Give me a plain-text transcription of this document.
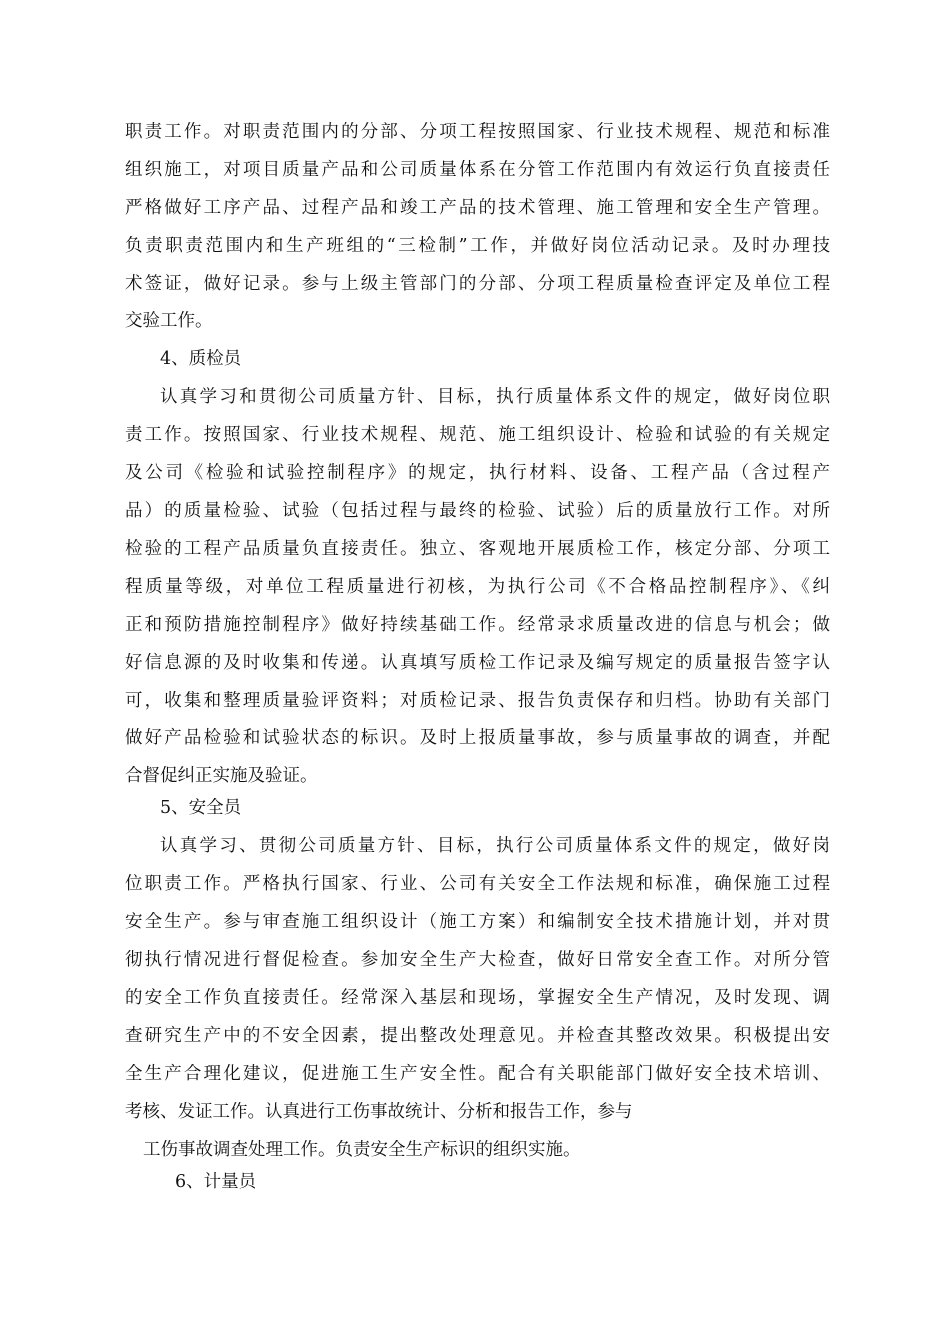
职责工作。对职责范围内的分部、分项工程按照国家、行业技术规程、规范和标准
组织施工，对项目质量产品和公司质量体系在分管工作范围内有效运行负直接责任
严格做好工序产品、过程产品和竣工产品的技术管理、施工管理和安全生产管理。
负责职责范围内和生产班组的“三检制”工作，并做好岗位活动记录。及时办理技
术签证，做好记录。参与上级主管部门的分部、分项工程质量检查评定及单位工程
交验工作。
4、质检员
认真学习和贯彻公司质量方针、目标，执行质量体系文件的规定，做好岗位职
责工作。按照国家、行业技术规程、规范、施工组织设计、检验和试验的有关规定
及公司《检验和试验控制程序》的规定，执行材料、设备、工程产品（含过程产
品）的质量检验、试验（包括过程与最终的检验、试验）后的质量放行工作。对所
检验的工程产品质量负直接责任。独立、客观地开展质检工作，核定分部、分项工
程质量等级，对单位工程质量进行初核，为执行公司《不合格品控制程序》、《纠
正和预防措施控制程序》做好持续基础工作。经常录求质量改进的信息与机会；做
好信息源的及时收集和传递。认真填写质检工作记录及编写规定的质量报告签字认
可，收集和整理质量验评资料；对质检记录、报告负责保存和归档。协助有关部门
做好产品检验和试验状态的标识。及时上报质量事故，参与质量事故的调查，并配
合督促纠正实施及验证。
5、安全员
认真学习、贯彻公司质量方针、目标，执行公司质量体系文件的规定，做好岗
位职责工作。严格执行国家、行业、公司有关安全工作法规和标准，确保施工过程
安全生产。参与审查施工组织设计（施工方案）和编制安全技术措施计划，并对贯
彻执行情况进行督促检查。参加安全生产大检查，做好日常安全查工作。对所分管
的安全工作负直接责任。经常深入基层和现场，掌握安全生产情况，及时发现、调
查研究生产中的不安全因素，提出整改处理意见。并检查其整改效果。积极提出安
全生产合理化建议，促进施工生产安全性。配合有关职能部门做好安全技术培训、
考核、发证工作。认真进行工伤事故统计、分析和报告工作，参与
工伤事故调查处理工作。负责安全生产标识的组织实施。
6、计量员
